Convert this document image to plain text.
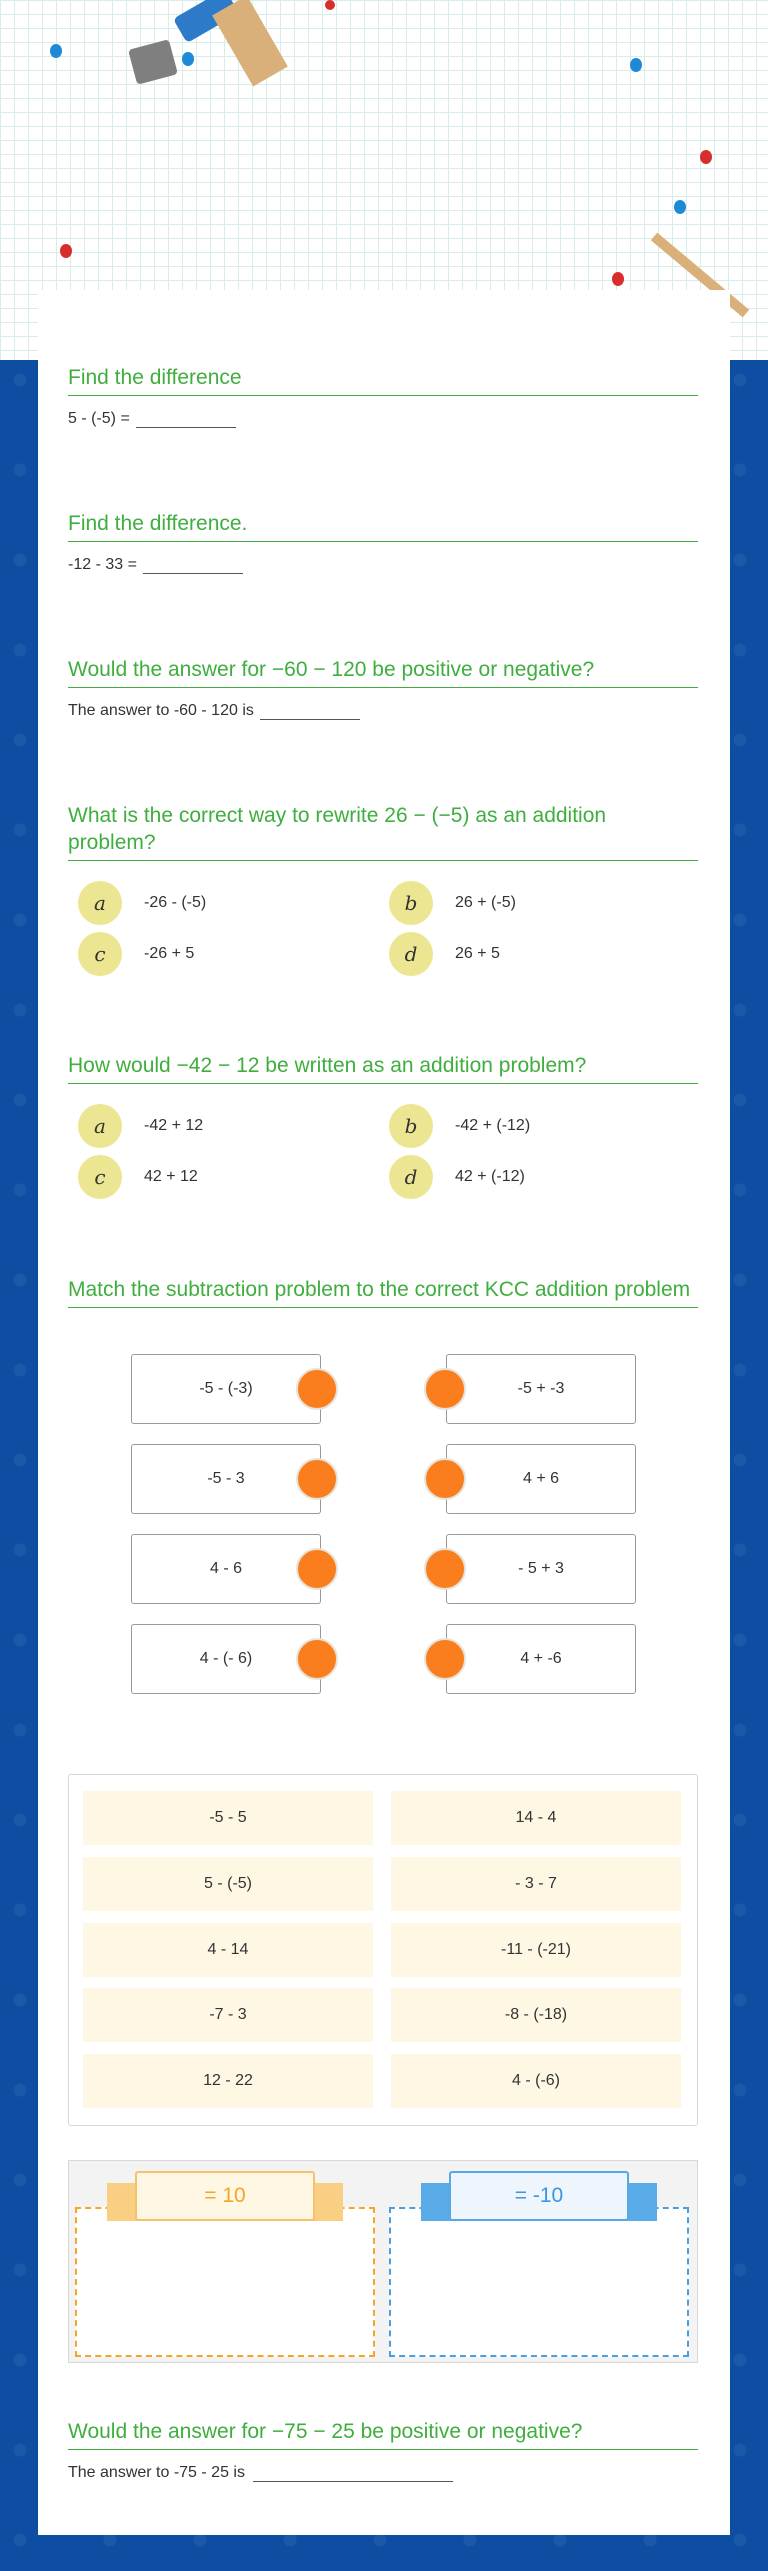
Find the difference
5 - (-5) =
Find the difference.
-12 - 33 =
Would the answer for −60 − 120 be positive or negative?
The answer to -60 - 120 is
What is the correct way to rewrite 26 − (−5) as an addition problem?
a	-26 - (-5)	b	26 + (-5)
c	-26 + 5	d	26 + 5
How would −42 − 12 be written as an addition problem?
a	-42 + 12	b	-42 + (-12)
c	42 + 12	d	42 + (-12)
Match the subtraction problem to the correct KCC addition problem
-5 - (-3)	-5 + -3
-5 - 3	4 + 6
4 - 6	- 5 + 3
4 - (- 6)	4 + -6
-5 - 5	14 - 4
5 - (-5)	- 3 - 7
4 - 14	-11 - (-21)
-7 - 3	-8 - (-18)
12 - 22	4 - (-6)
= 10	= -10
Would the answer for −75 − 25 be positive or negative?
The answer to -75 - 25 is
